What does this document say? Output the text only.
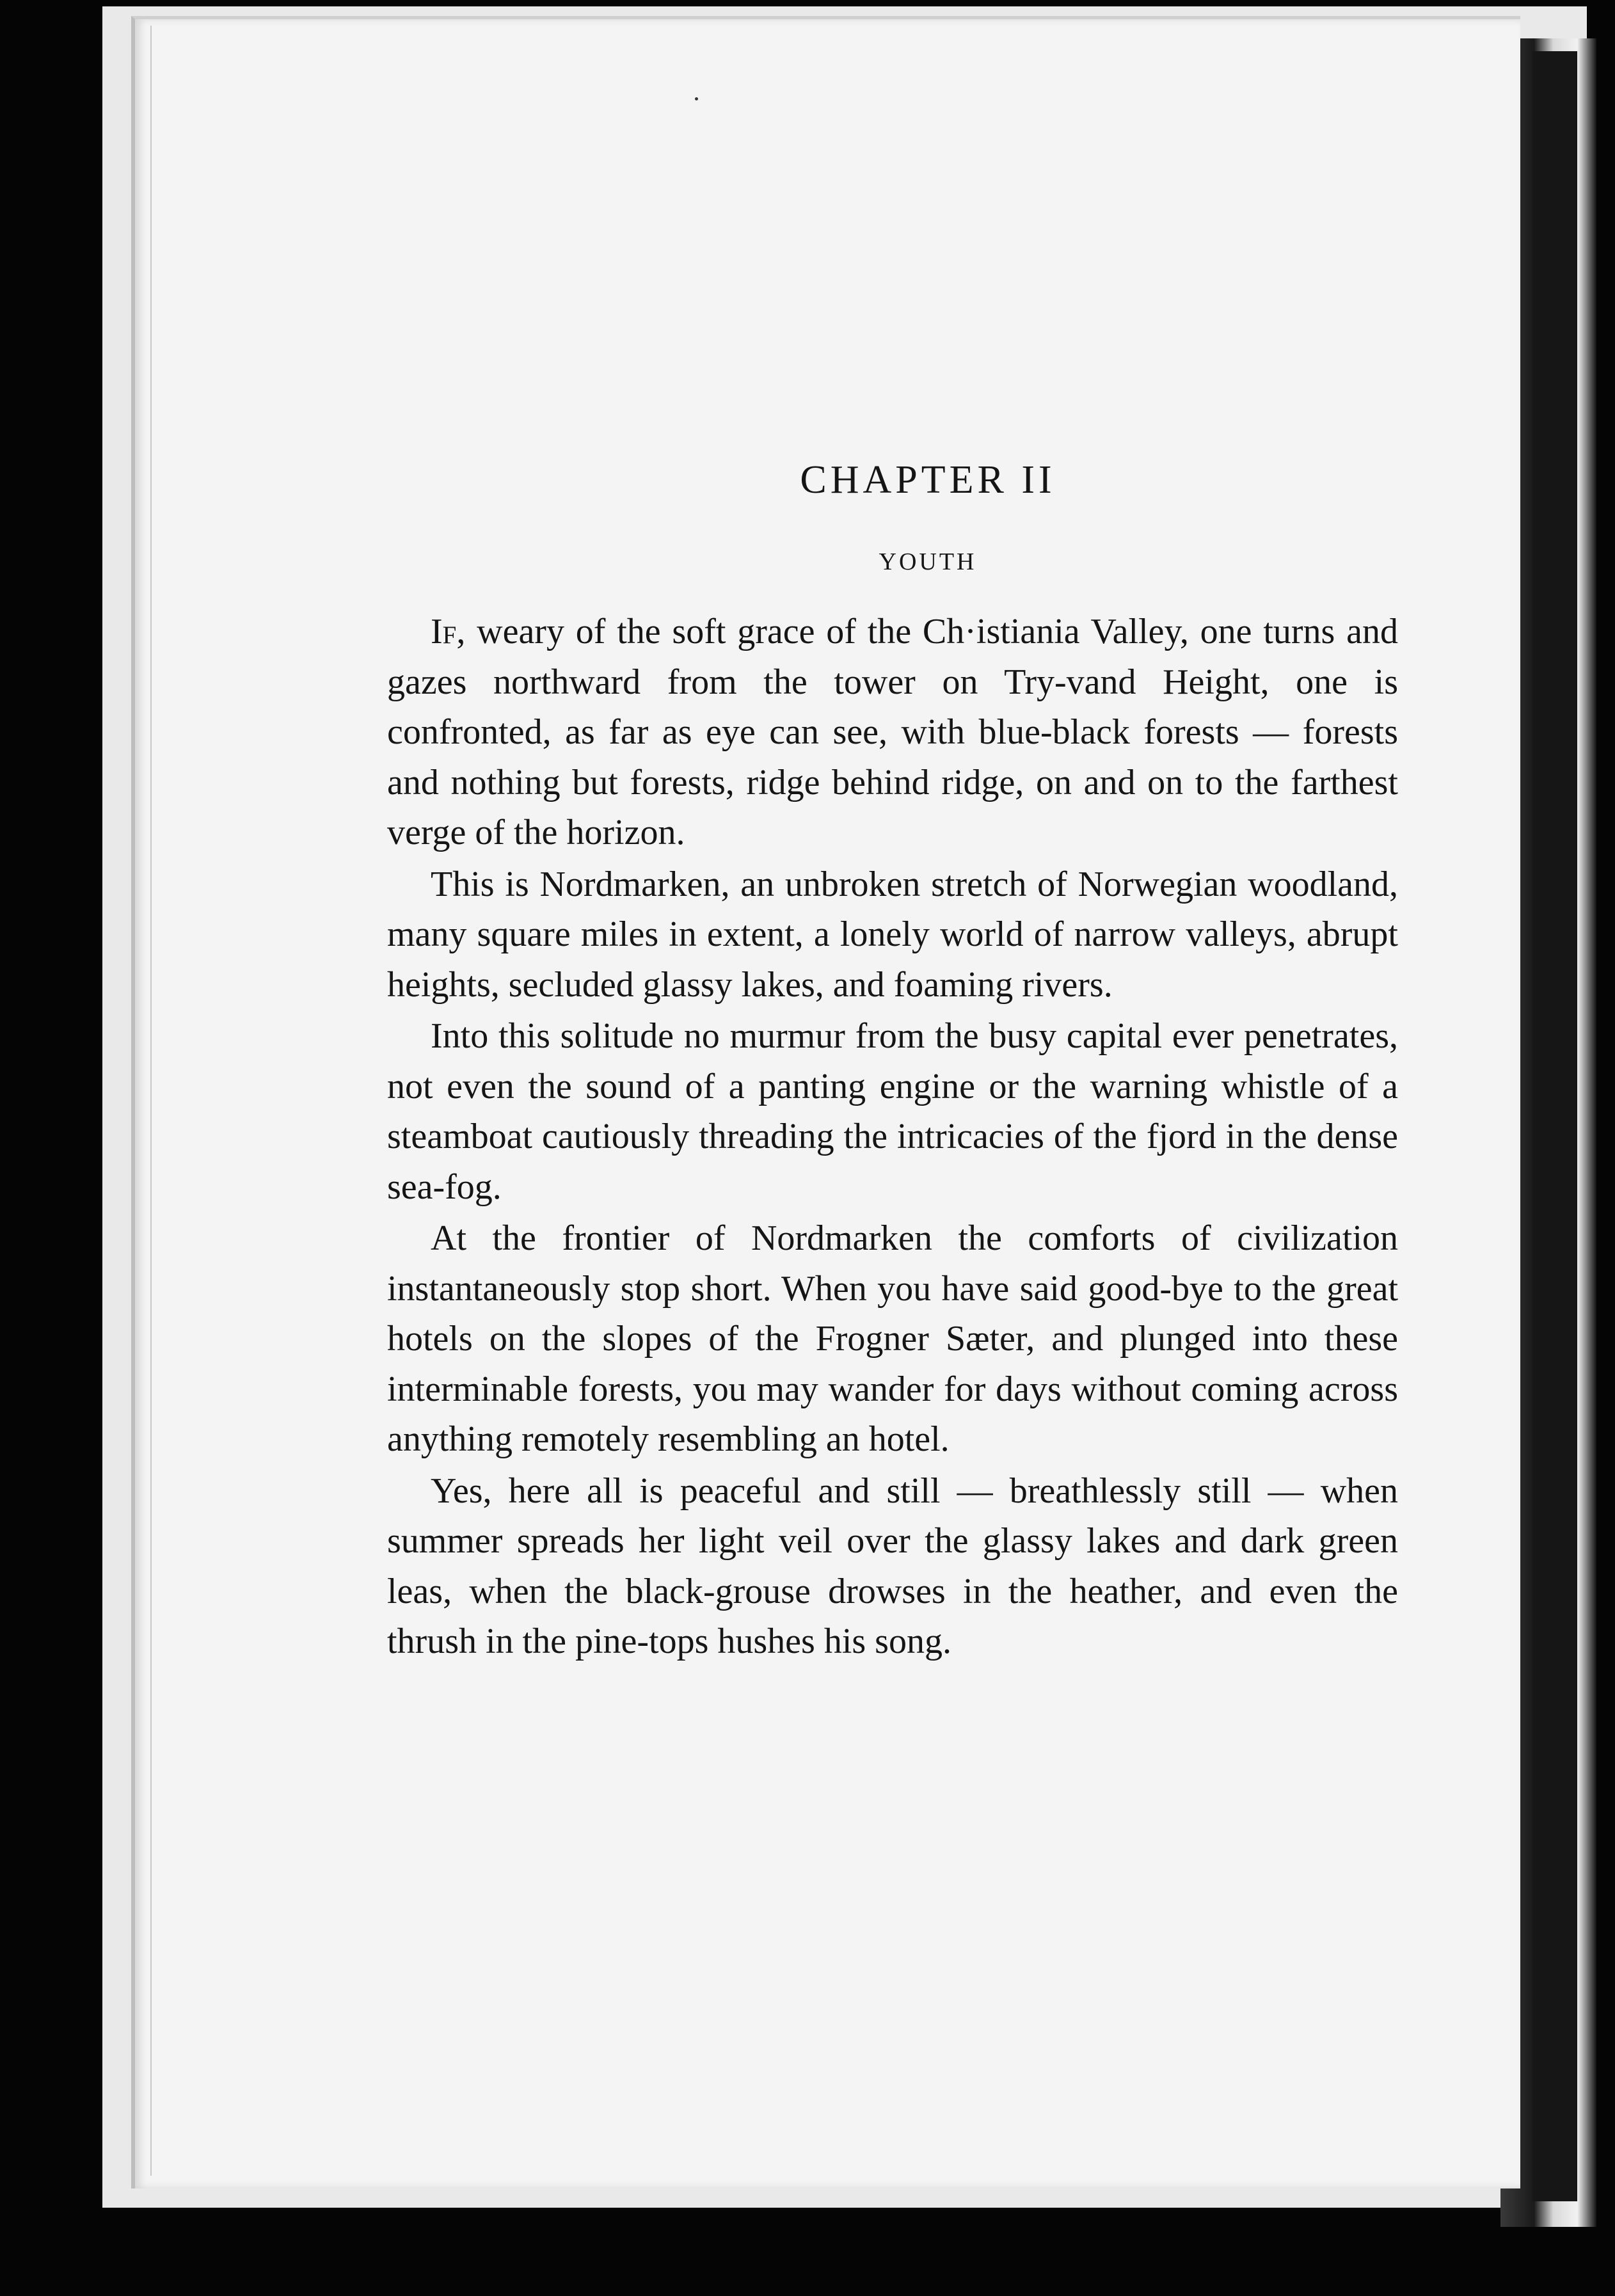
CHAPTER II
YOUTH

If, weary of the soft grace of the Ch·istiania Valley, one turns and gazes northward from the tower on Try-vand Height, one is confronted, as far as eye can see, with blue-black forests — forests and nothing but forests, ridge behind ridge, on and on to the farthest verge of the horizon.

This is Nordmarken, an unbroken stretch of Norwegian woodland, many square miles in extent, a lonely world of narrow valleys, abrupt heights, secluded glassy lakes, and foaming rivers.

Into this solitude no murmur from the busy capital ever penetrates, not even the sound of a panting engine or the warning whistle of a steamboat cautiously threading the intricacies of the fjord in the dense sea-fog.

At the frontier of Nordmarken the comforts of civilization instantaneously stop short. When you have said good-bye to the great hotels on the slopes of the Frogner Sæter, and plunged into these interminable forests, you may wander for days without coming across anything remotely resembling an hotel.

Yes, here all is peaceful and still — breathlessly still — when summer spreads her light veil over the glassy lakes and dark green leas, when the black-grouse drowses in the heather, and even the thrush in the pine-tops hushes his song.
